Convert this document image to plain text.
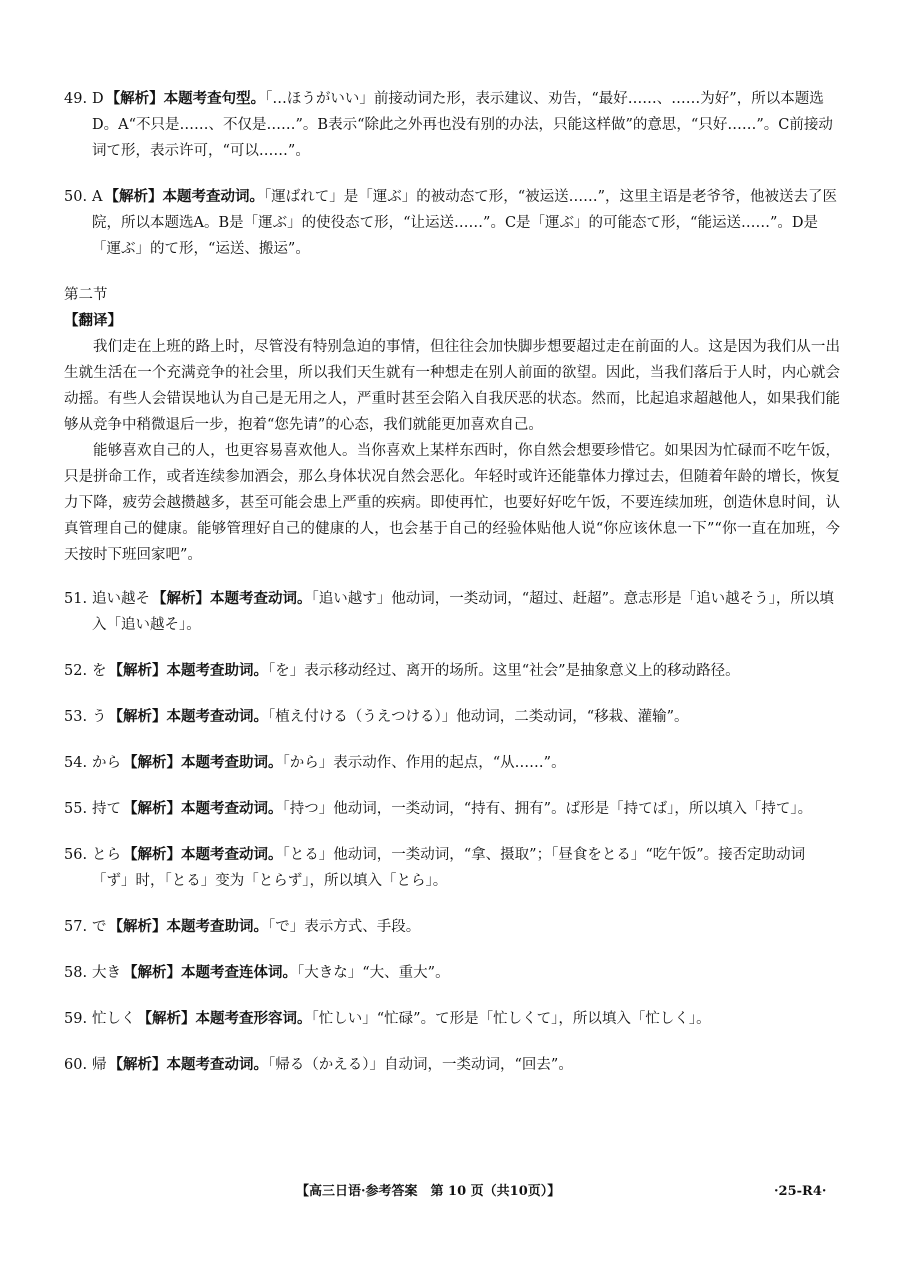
49. D 【解析】本题考查句型。「…ほうがいい」前接动词た形，表示建议、劝告，“最好……、……为好”，所以本题选D。A“不只是……、不仅是……”。B表示“除此之外再也没有别的办法，只能这样做”的意思，“只好……”。C前接动词て形，表示许可，“可以……”。
50. A 【解析】本题考查动词。「運ばれて」是「運ぶ」的被动态て形，“被运送……”，这里主语是老爷爷，他被送去了医院，所以本题选A。B是「運ぶ」的使役态て形，“让运送……”。C是「運ぶ」的可能态て形，“能运送……”。D是「運ぶ」的て形，“运送、搬运”。
第二节
【翻译】
我们走在上班的路上时，尽管没有特别急迫的事情，但往往会加快脚步想要超过走在前面的人。这是因为我们从一出生就生活在一个充满竞争的社会里，所以我们天生就有一种想走在别人前面的欲望。因此，当我们落后于人时，内心就会动摇。有些人会错误地认为自己是无用之人，严重时甚至会陷入自我厌恶的状态。然而，比起追求超越他人，如果我们能够从竞争中稍微退后一步，抱着“您先请”的心态，我们就能更加喜欢自己。
能够喜欢自己的人，也更容易喜欢他人。当你喜欢上某样东西时，你自然会想要珍惜它。如果因为忙碌而不吃午饭，只是拼命工作，或者连续参加酒会，那么身体状况自然会恶化。年轻时或许还能靠体力撑过去，但随着年龄的增长，恢复力下降，疲劳会越攒越多，甚至可能会患上严重的疾病。即使再忙，也要好好吃午饭，不要连续加班，创造休息时间，认真管理自己的健康。能够管理好自己的健康的人，也会基于自己的经验体贴他人说“你应该休息一下”“你一直在加班，今天按时下班回家吧”。
51. 追い越そ 【解析】本题考查动词。「追い越す」他动词，一类动词，“超过、赶超”。意志形是「追い越そう」，所以填入「追い越そ」。
52. を 【解析】本题考查助词。「を」表示移动经过、离开的场所。这里“社会”是抽象意义上的移动路径。
53. う 【解析】本题考查动词。「植え付ける（うえつける）」他动词，二类动词，“移栽、灌输”。
54. から 【解析】本题考查助词。「から」表示动作、作用的起点，“从……”。
55. 持て 【解析】本题考查动词。「持つ」他动词，一类动词，“持有、拥有”。ば形是「持てば」，所以填入「持て」。
56. とら 【解析】本题考查动词。「とる」他动词，一类动词，“拿、摄取”；「昼食をとる」“吃午饭”。接否定助动词「ず」时，「とる」变为「とらず」，所以填入「とら」。
57. で 【解析】本题考查助词。「で」表示方式、手段。
58. 大き 【解析】本题考查连体词。「大きな」“大、重大”。
59. 忙しく 【解析】本题考查形容词。「忙しい」“忙碌”。て形是「忙しくて」，所以填入「忙しく」。
60. 帰 【解析】本题考查动词。「帰る（かえる）」自动词，一类动词，“回去”。
【高三日语·参考答案　第 10 页（共10页）】	·25-R4·
